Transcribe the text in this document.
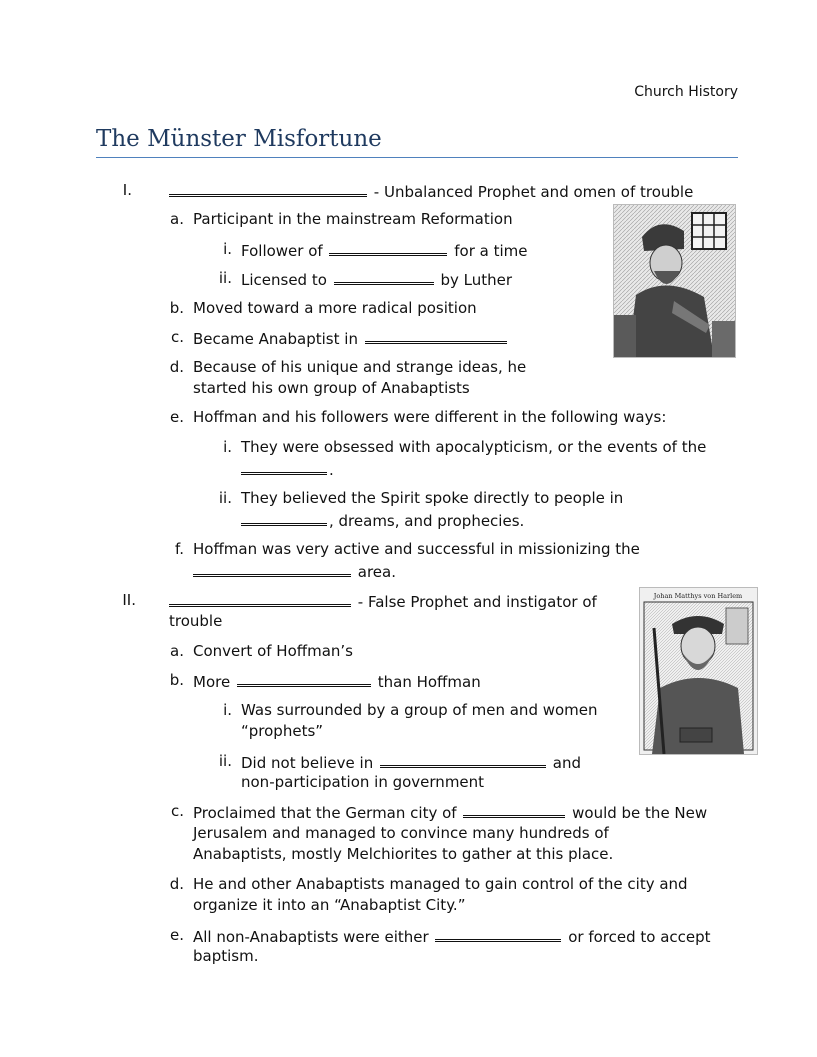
Church History
The Münster Misfortune
I.	- Unbalanced Prophet and omen of trouble
a. Participant in the mainstream Reformation
i. Follower of	for a time
ii. Licensed to	by Luther
b. Moved toward a more radical position
c. Became Anabaptist in
d. Because of his unique and strange ideas, he
started his own group of Anabaptists
e. Hoffman and his followers were different in the following ways:
i. They were obsessed with apocalypticism, or the events of the
.
ii. They believed the Spirit spoke directly to people in
, dreams, and prophecies.
f. Hoffman was very active and successful in missionizing the
area.
II.	- False Prophet and instigator of
trouble
a. Convert of Hoffman’s
b. More	than Hoffman
i. Was surrounded by a group of men and women
“prophets”
ii. Did not believe in	and
non-participation in government
c. Proclaimed that the German city of	would be the New
Jerusalem and managed to convince many hundreds of
Anabaptists, mostly Melchiorites to gather at this place.
d. He and other Anabaptists managed to gain control of the city and
organize it into an “Anabaptist City.”
e. All non-Anabaptists were either	or forced to accept
baptism.
Johan Matthys von Harlem
